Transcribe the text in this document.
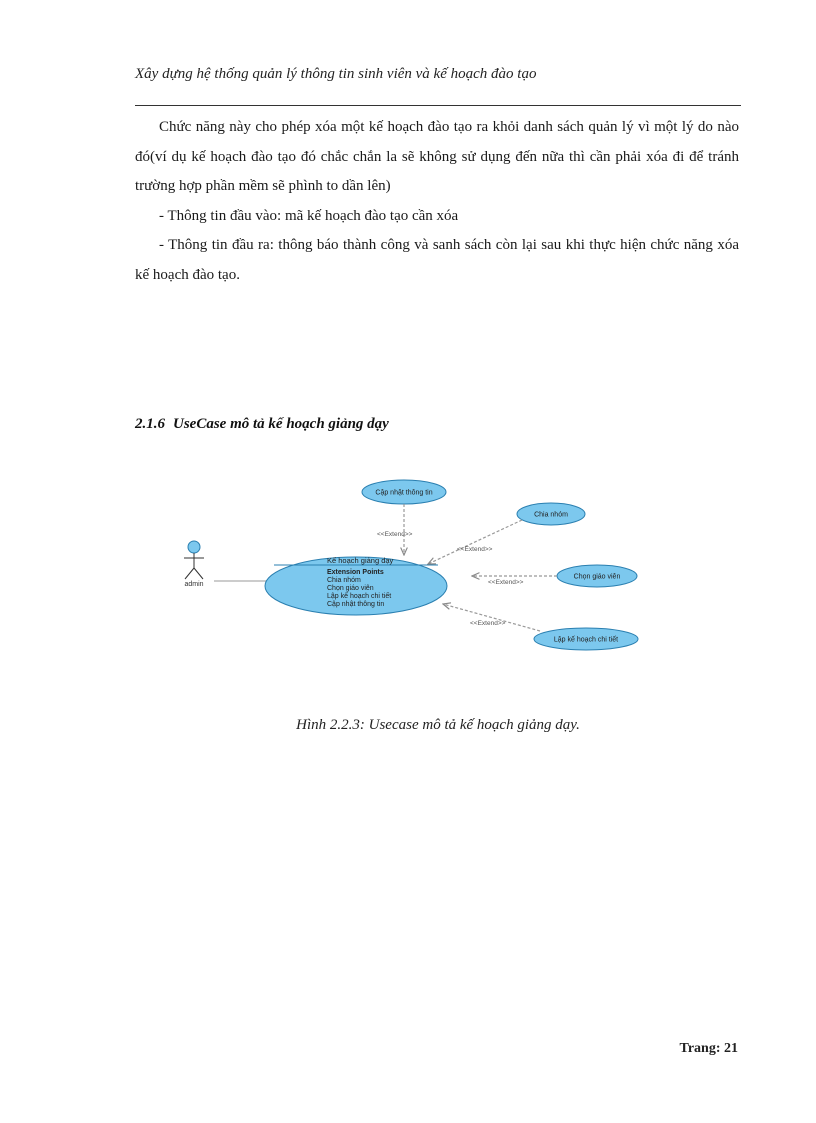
Xây dựng hệ thống quản lý thông tin sinh viên và kế hoạch đào tạo

Chức năng này cho phép xóa một kế hoạch đào tạo ra khỏi danh sách quản lý vì một lý do nào đó(ví dụ kế hoạch đào tạo đó chắc chắn la sẽ không sử dụng đến nữa thì cần phải xóa đi để tránh trường hợp phần mềm sẽ phình to dần lên)

- Thông tin đầu vào: mã kế hoạch đào tạo cần xóa

- Thông tin đầu ra: thông báo thành công và sanh sách còn lại sau khi thực hiện chức năng xóa kế hoạch đào tạo.

2.1.6 UseCase mô tả kế hoạch giảng dạy
admin
Kế hoạch giảng dạy
Extension Points
Chia nhóm
Chọn giáo viên
Lập kế hoạch chi tiết
Cập nhật thông tin
Cập nhật thông tin
Chia nhóm
Chọn giáo viên
Lập kế hoạch chi tiết
<<Extend>>
<<Extend>>
<<Extend>>
<<Extend>>
Hình 2.2.3: Usecase mô tả kế hoạch giảng dạy.
Trang: 21
